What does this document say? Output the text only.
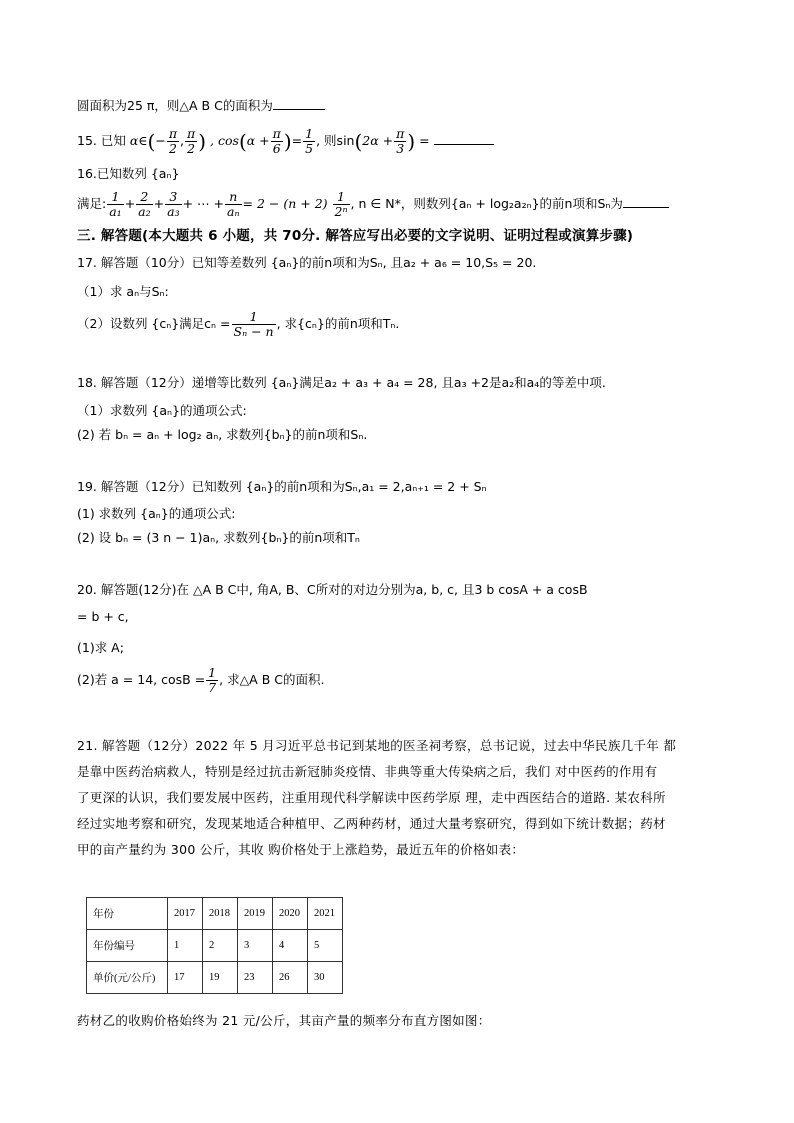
圆面积为25 π，则△A B C的面积为
15. 已知 α∈(− $\frac{\pi}{2}$ , $\frac{\pi}{2}$ ) , $\cos(\alpha + \frac{\pi}{6}$ )= $\frac{1}{5}$ , 则$\sin(2\alpha + \frac{\pi}{3}$ ) =
16.已知数列 {aₙ}
满足: $\frac{1}{\text{a₁}} + \frac{2}{\text{a₂}} + \frac{3}{\text{a₃}}$ + ⋯ + $\frac{n}{\text{aₙ}} = 2 - (n + 2) \frac{1}{\text{2ⁿ}}$ , n ∈ N*，则数列{aₙ + log₂a₂ₙ}的前n项和Sₙ为
三. 解答题(本大题共 6 小题，共 70分. 解答应写出必要的文字说明、证明过程或演算步骤)
17. 解答题（10分）已知等差数列 {aₙ}的前n项和为Sₙ, 且a₂ + a₆ = 10,S₅ = 20.
（1）求 aₙ与Sₙ:
（2）设数列 {cₙ}满足$c_n = \frac{1}{\text{Sₙ − n}}$ , 求{cₙ}的前n项和Tₙ.
18. 解答题（12分）递增等比数列 {aₙ}满足a₂ + a₃ + a₄ = 28, 且a₃ +2是a₂和a₄的等差中项.
（1）求数列 {aₙ}的通项公式:
(2) 若 bₙ = aₙ + log₂ aₙ, 求数列{bₙ}的前n项和Sₙ.
19. 解答题（12分）已知数列 {aₙ}的前n项和为Sₙ,a₁ = 2,aₙ₊₁ = 2 + Sₙ
(1) 求数列 {aₙ}的通项公式:
(2) 设 bₙ = (3 n − 1)aₙ, 求数列{bₙ}的前n项和Tₙ
20. 解答题(12分)在 △A B C中, 角A, B、C所对的对边分别为a, b, c, 且3 b cosA + a cosB
= b + c,
(1)求 A;
(2)若 a = 14, $\cos B = \frac{1}{7}$ , 求△A B C的面积.
21. 解答题（12分）2022 年 5 月习近平总书记到某地的医圣祠考察，总书记说，过去中华民族几千年 都
是靠中医药治病救人，特别是经过抗击新冠肺炎疫情、非典等重大传染病之后，我们 对中医药的作用有
了更深的认识，我们要发展中医药，注重用现代科学解读中医药学原 理，走中西医结合的道路. 某农科所
经过实地考察和研究，发现某地适合种植甲、乙两种药材，通过大量考察研究，得到如下统计数据；药材
甲的亩产量约为 300 公斤，其收 购价格处于上涨趋势，最近五年的价格如表：
年份	2017	2018	2019	2020	2021
年份编号	1	2	3	4	5
单价(元/公斤)	17	19	23	26	30
药材乙的收购价格始终为 21 元/公斤，其亩产量的频率分布直方图如图：
